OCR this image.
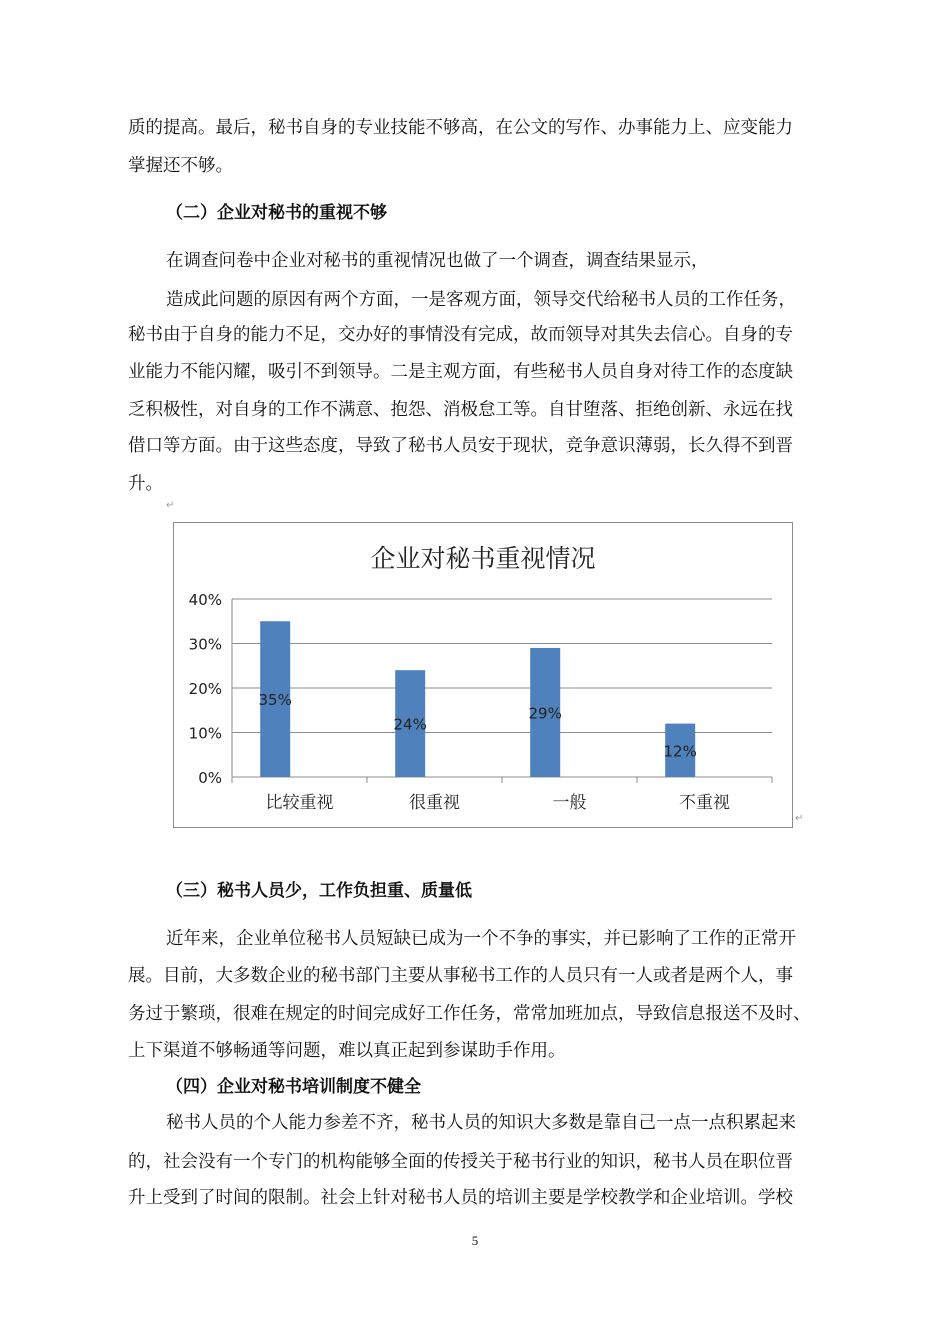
质的提高。最后，秘书自身的专业技能不够高，在公文的写作、办事能力上、应变能力
掌握还不够。
（二）企业对秘书的重视不够
在调查问卷中企业对秘书的重视情况也做了一个调查，调查结果显示，
造成此问题的原因有两个方面，一是客观方面，领导交代给秘书人员的工作任务，
秘书由于自身的能力不足，交办好的事情没有完成，故而领导对其失去信心。自身的专
业能力不能闪耀，吸引不到领导。二是主观方面，有些秘书人员自身对待工作的态度缺
乏积极性，对自身的工作不满意、抱怨、消极怠工等。自甘堕落、拒绝创新、永远在找
借口等方面。由于这些态度，导致了秘书人员安于现状，竞争意识薄弱，长久得不到晋
升。
↵
企业对秘书重视情况
0%
10%
20%
30%
40%
35%
比较重视
24%
很重视
29%
一般
12%
不重视
↵
（三）秘书人员少，工作负担重、质量低
近年来，企业单位秘书人员短缺已成为一个不争的事实，并已影响了工作的正常开
展。目前，大多数企业的秘书部门主要从事秘书工作的人员只有一人或者是两个人，事
务过于繁琐，很难在规定的时间完成好工作任务，常常加班加点，导致信息报送不及时、
上下渠道不够畅通等问题，难以真正起到参谋助手作用。
（四）企业对秘书培训制度不健全
秘书人员的个人能力参差不齐，秘书人员的知识大多数是靠自己一点一点积累起来
的，社会没有一个专门的机构能够全面的传授关于秘书行业的知识，秘书人员在职位晋
升上受到了时间的限制。社会上针对秘书人员的培训主要是学校教学和企业培训。学校
5
